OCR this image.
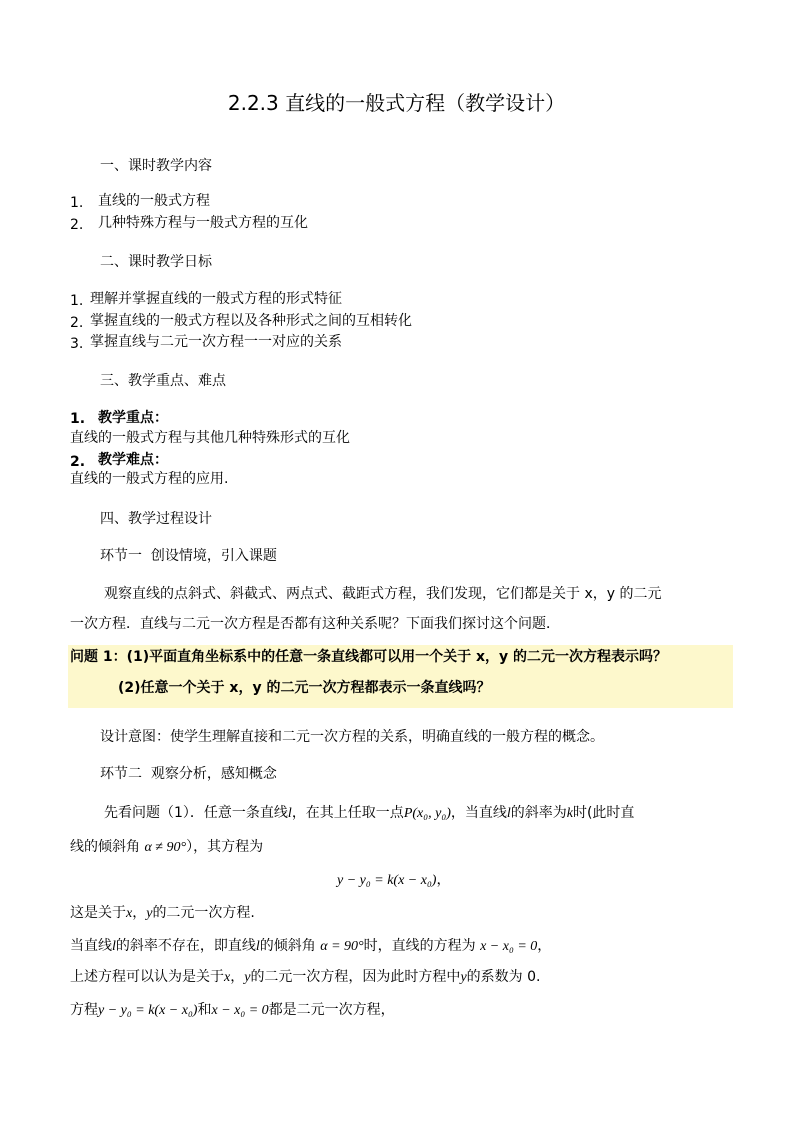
2.2.3 直线的一般式方程（教学设计）
一、课时教学内容
1. 直线的一般式方程
2. 几种特殊方程与一般式方程的互化
二、课时教学日标
1. 理解并掌握直线的一般式方程的形式特征
2. 掌握直线的一般式方程以及各种形式之间的互相转化
3. 掌握直线与二元一次方程一一对应的关系
三、教学重点、难点
1. 教学重点：
直线的一般式方程与其他几种特殊形式的互化
2. 教学难点：
直线的一般式方程的应用.
四、教学过程设计
环节一 创设情境，引入课题
观察直线的点斜式、斜截式、两点式、截距式方程，我们发现，它们都是关于 x，y 的二元
一次方程．直线与二元一次方程是否都有这种关系呢？下面我们探讨这个问题．
问题 1：(1)平面直角坐标系中的任意一条直线都可以用一个关于 x，y 的二元一次方程表示吗？
(2)任意一个关于 x，y 的二元一次方程都表示一条直线吗？
设计意图：使学生理解直接和二元一次方程的关系，明确直线的一般方程的概念。
环节二 观察分析，感知概念
先看问题（1）．任意一条直线l，在其上任取一点P(x₀, y₀)，当直线l的斜率为k时(此时直
线的倾斜角 α ≠ 90°），其方程为
y − y₀ = k(x − x₀)，
这是关于x，y的二元一次方程.
当直线l的斜率不存在，即直线l的倾斜角 α = 90°时，直线的方程为 x − x₀ = 0，
上述方程可以认为是关于x，y的二元一次方程，因为此时方程中y的系数为 0.
方程y − y₀ = k(x − x₀)和x − x₀ = 0都是二元一次方程，
